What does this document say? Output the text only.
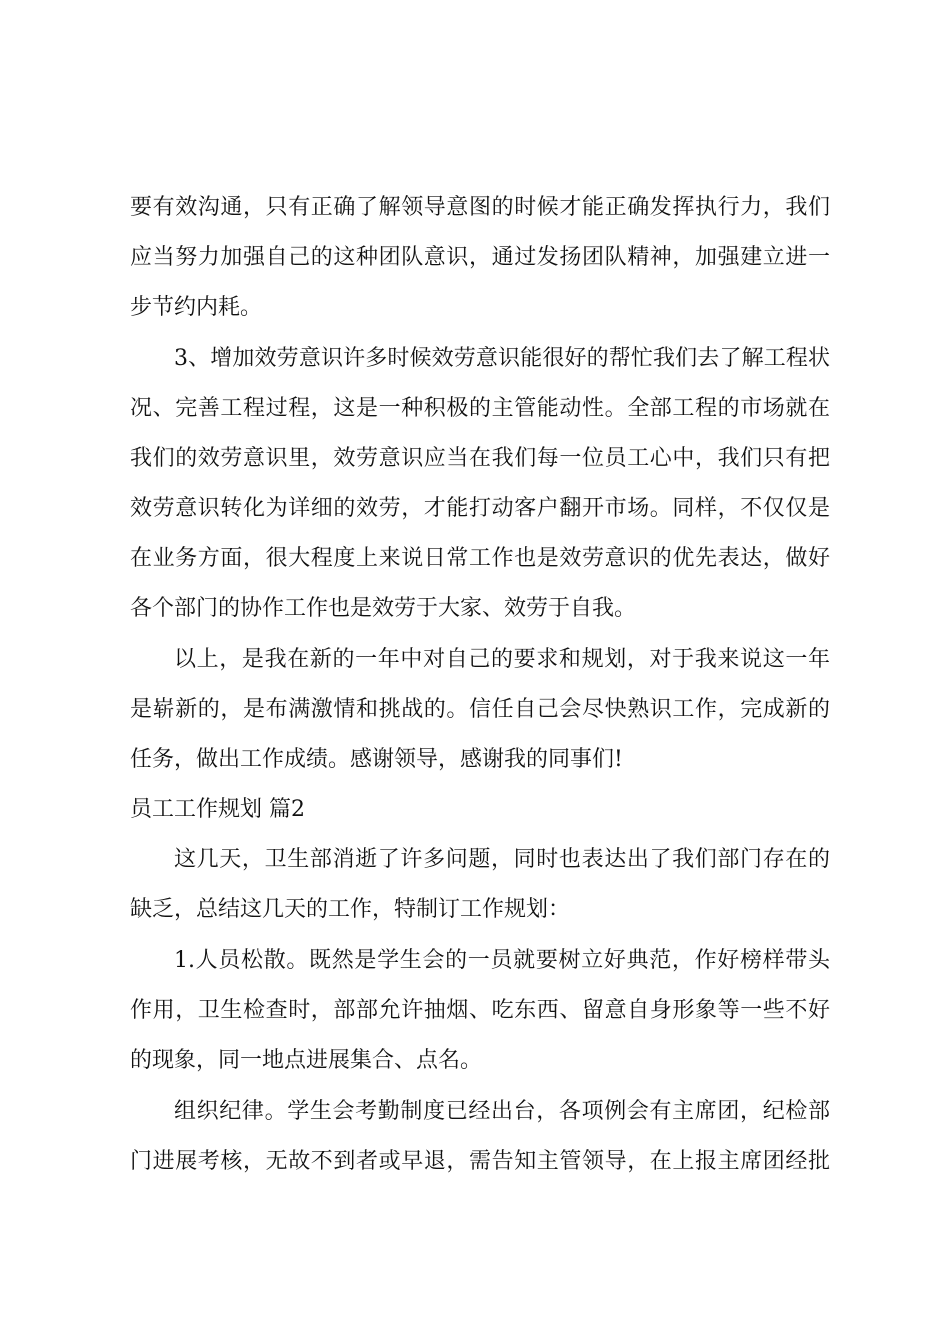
要有效沟通，只有正确了解领导意图的时候才能正确发挥执行力，我们
应当努力加强自己的这种团队意识，通过发扬团队精神，加强建立进一
步节约内耗。
3、增加效劳意识许多时候效劳意识能很好的帮忙我们去了解工程状
况、完善工程过程，这是一种积极的主管能动性。全部工程的市场就在
我们的效劳意识里，效劳意识应当在我们每一位员工心中，我们只有把
效劳意识转化为详细的效劳，才能打动客户翻开市场。同样，不仅仅是
在业务方面，很大程度上来说日常工作也是效劳意识的优先表达，做好
各个部门的协作工作也是效劳于大家、效劳于自我。
以上，是我在新的一年中对自己的要求和规划，对于我来说这一年
是崭新的，是布满激情和挑战的。信任自己会尽快熟识工作，完成新的
任务，做出工作成绩。感谢领导，感谢我的同事们!
员工工作规划 篇2
这几天，卫生部消逝了许多问题，同时也表达出了我们部门存在的
缺乏，总结这几天的工作，特制订工作规划：
1.人员松散。既然是学生会的一员就要树立好典范，作好榜样带头
作用，卫生检查时，部部允许抽烟、吃东西、留意自身形象等一些不好
的现象，同一地点进展集合、点名。
组织纪律。学生会考勤制度已经出台，各项例会有主席团，纪检部
门进展考核，无故不到者或早退，需告知主管领导，在上报主席团经批
